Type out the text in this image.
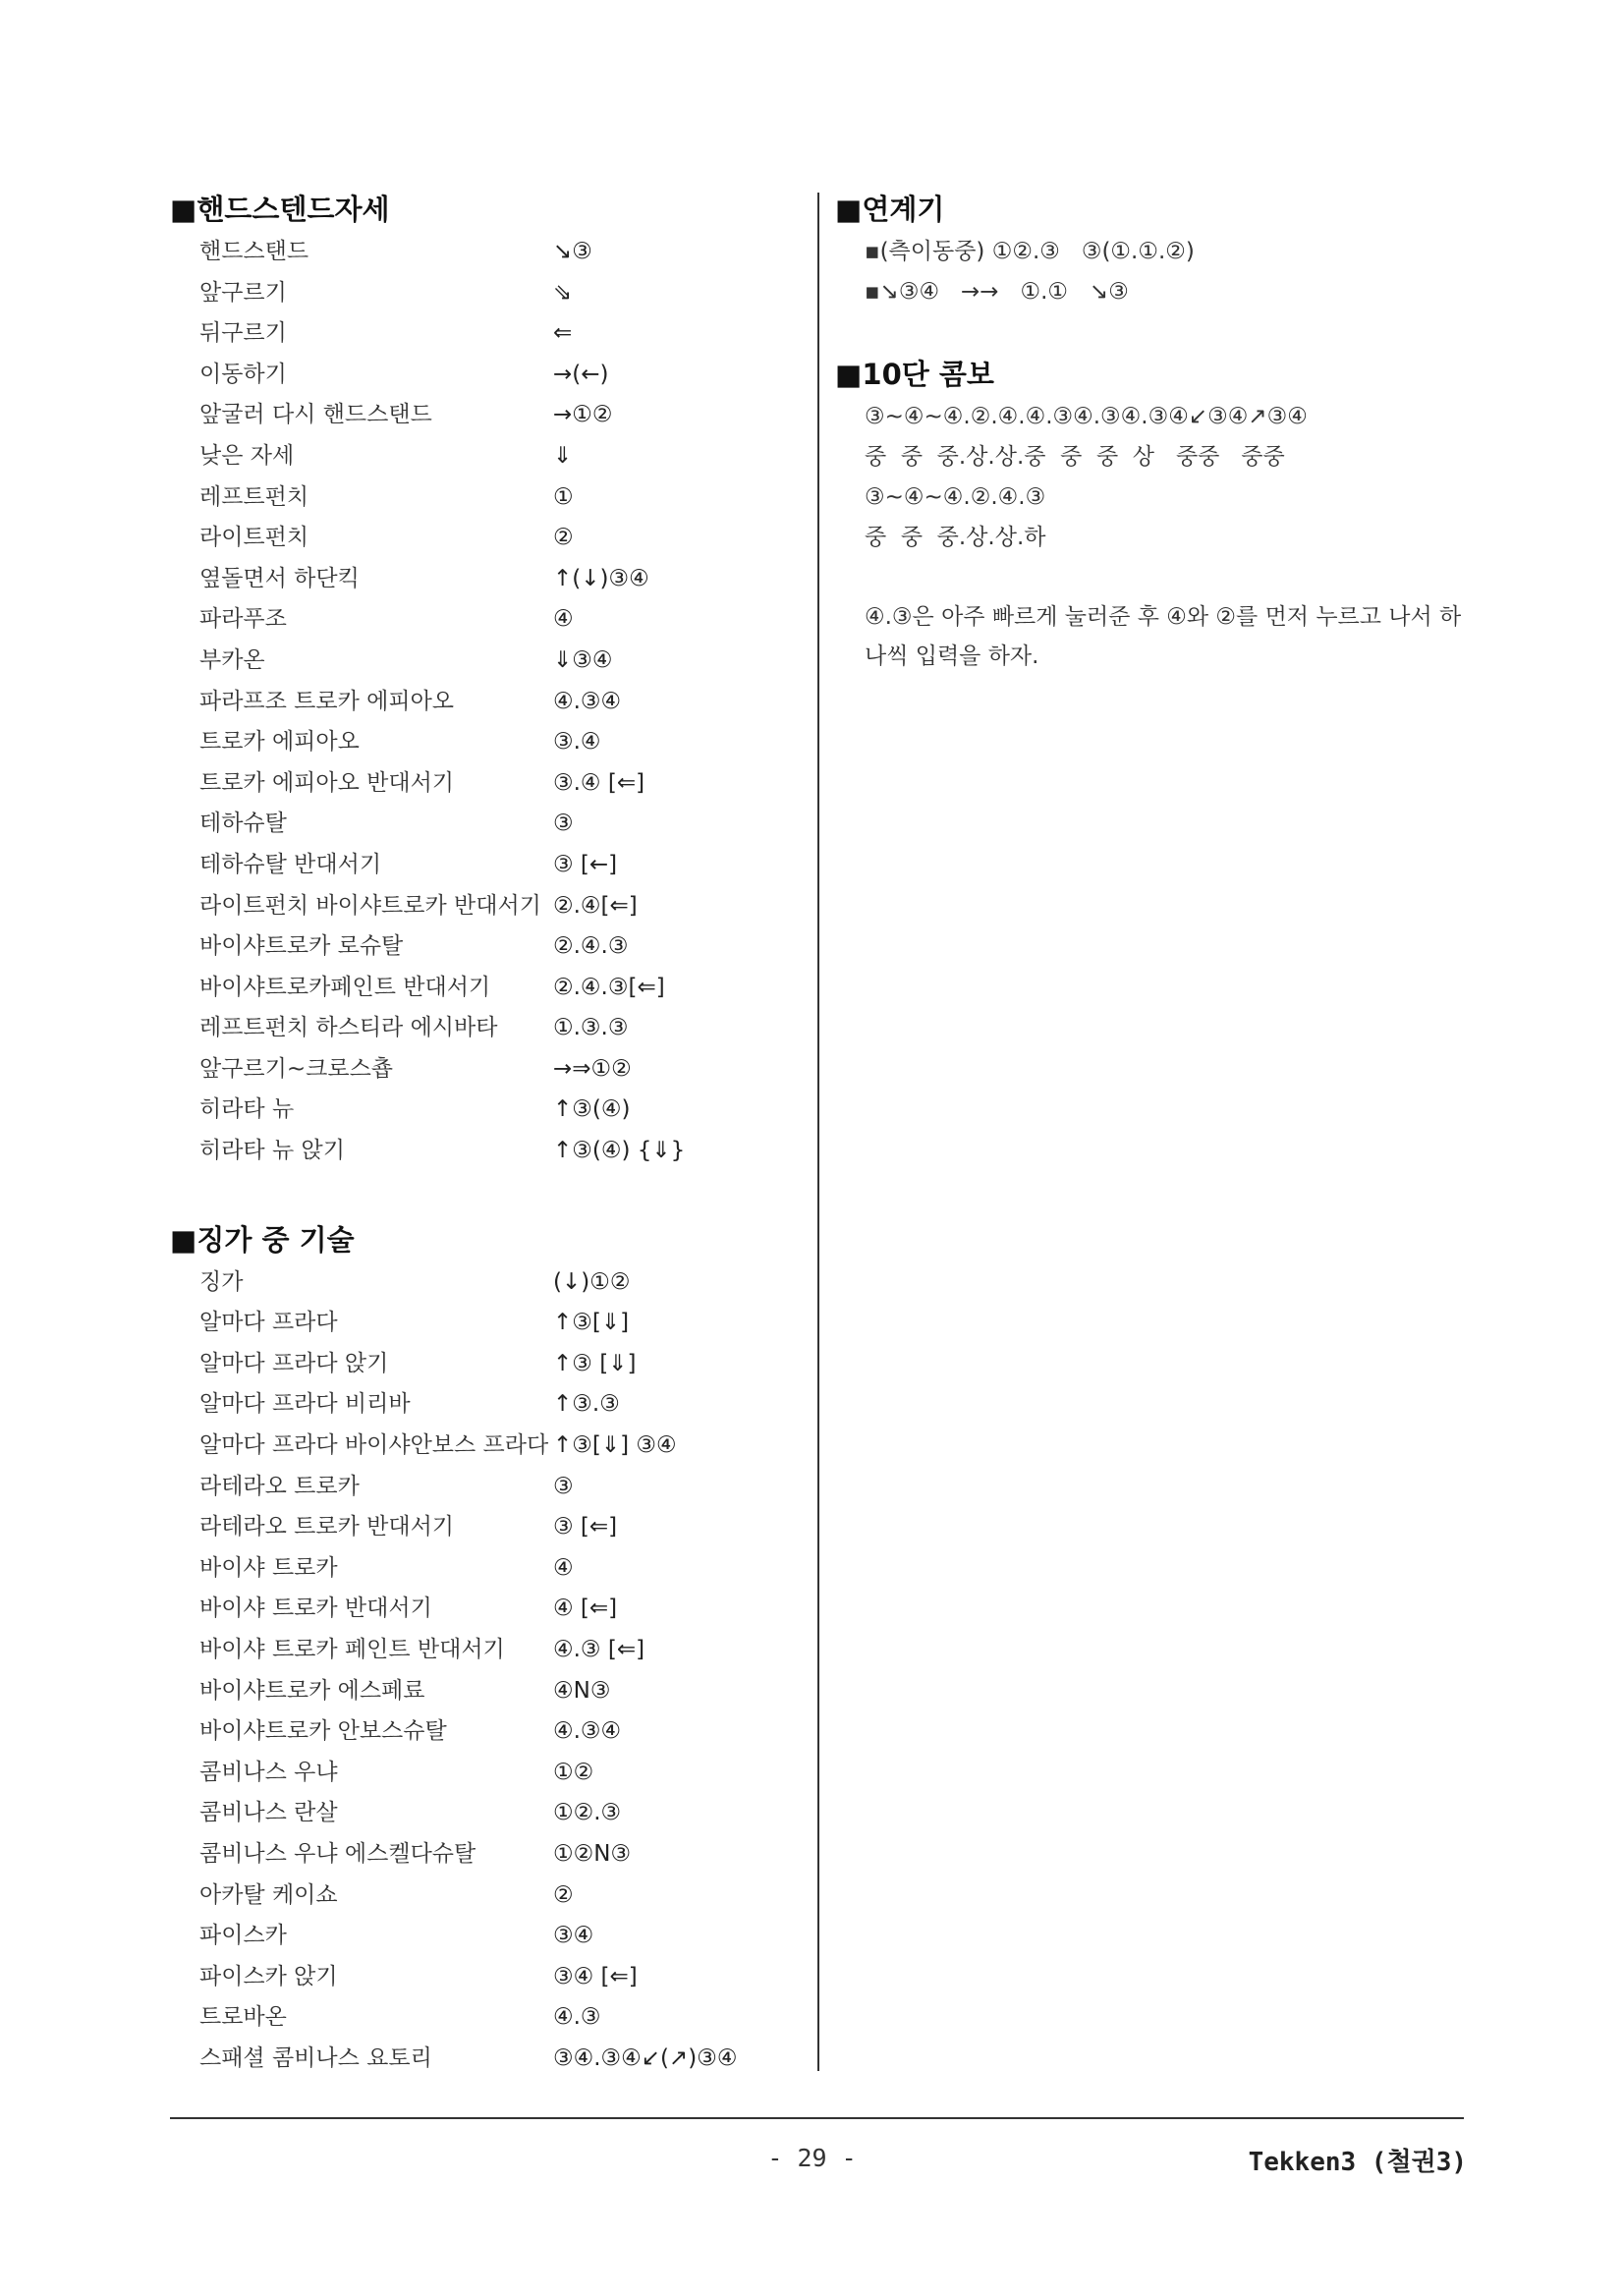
■핸드스텐드자세
핸드스탠드	↘③
앞구르기	⇘
뒤구르기	⇐
이동하기	→(←)
앞굴러 다시 핸드스탠드	→①②
낮은 자세	⇓
레프트펀치	①
라이트펀치	②
옆돌면서 하단킥	↑(↓)③④
파라푸조	④
부카온	⇓③④
파라프조 트로카 에피아오	④.③④
트로카 에피아오	③.④
트로카 에피아오 반대서기	③.④ [⇐]
테하슈탈	③
테하슈탈 반대서기	③ [←]
라이트펀치 바이샤트로카 반대서기 ②.④[⇐]
바이샤트로카 로슈탈	②.④.③
바이샤트로카페인트 반대서기	②.④.③[⇐]
레프트펀치 하스티라 에시바타 ①.③.③
앞구르기~크로스춉	→⇒①②
히라타 뉴	↑③(④)
히라타 뉴 앉기	↑③(④) {⇓}
■징가 중 기술
징가	(↓)①②
알마다 프라다	↑③[⇓]
알마다 프라다 앉기	↑③ [⇓]
알마다 프라다 비리바	↑③.③
알마다 프라다 바이샤안보스 프라다 ↑③[⇓] ③④
라테라오 트로카	③
라테라오 트로카 반대서기	③ [⇐]
바이샤 트로카	④
바이샤 트로카 반대서기	④ [⇐]
바이샤 트로카 페인트 반대서기 ④.③ [⇐]
바이샤트로카 에스페료	④N③
바이샤트로카 안보스슈탈	④.③④
콤비나스 우냐	①②
콤비나스 란살	①②.③
콤비나스 우냐 에스켈다슈탈	①②N③
아카탈 케이쇼	②
파이스카	③④
파이스카 앉기	③④ [⇐]
트로바온	④.③
스패셜 콤비나스 요토리	③④.③④↙(↗)③④
■연계기
▪(측이동중) ①②.③   ③(①.①.②)
▪↘③④   →→   ①.①   ↘③
■10단 콤보
③~④~④.②.④.④.③④.③④.③④↙③④↗③④
중  중  중.상.상.중  중  중  상   중중   중중
③~④~④.②.④.③
중  중  중.상.상.하
④.③은 아주 빠르게 눌러준 후 ④와 ②를 먼저 누르고 나서 하나씩 입력을 하자.
- 29 -	Tekken3 (철권3)
